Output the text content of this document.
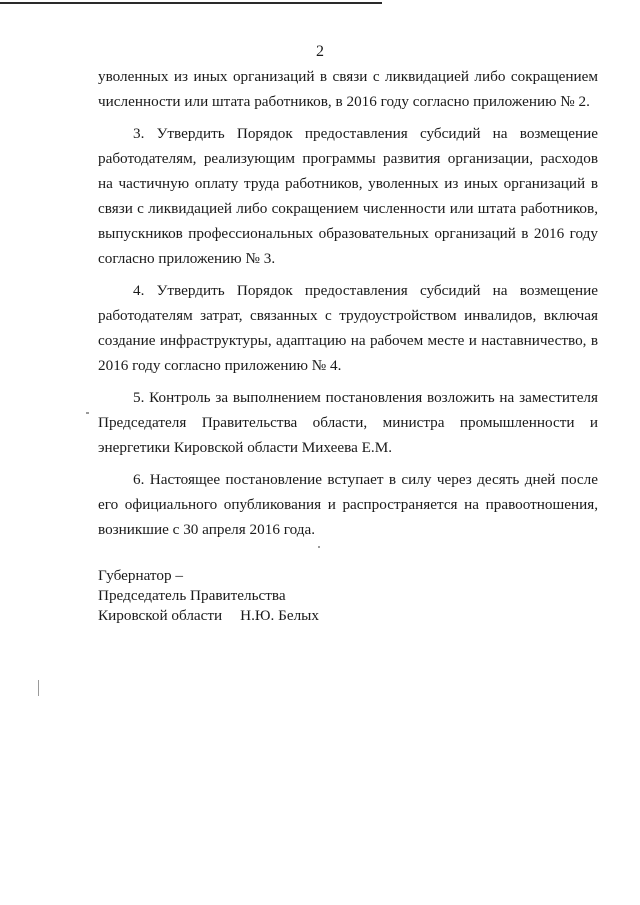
2

уволенных из иных организаций в связи с ликвидацией либо сокращением численности или штата работников, в 2016 году согласно приложению № 2.

3. Утвердить Порядок предоставления субсидий на возмещение работодателям, реализующим программы развития организации, расходов на частичную оплату труда работников, уволенных из иных организаций в связи с ликвидацией либо сокращением численности или штата работников, выпускников профессиональных образовательных организаций в 2016 году согласно приложению № 3.

4. Утвердить Порядок предоставления субсидий на возмещение работодателям затрат, связанных с трудоустройством инвалидов, включая создание инфраструктуры, адаптацию на рабочем месте и наставничество, в 2016 году согласно приложению № 4.

5. Контроль за выполнением постановления возложить на заместителя Председателя Правительства области, министра промышленности и энергетики Кировской области Михеева Е.М.

6. Настоящее постановление вступает в силу через десять дней после его официального опубликования и распространяется на правоотношения, возникшие с 30 апреля 2016 года.

Губернатор –
Председатель Правительства
Кировской области Н.Ю. Белых
